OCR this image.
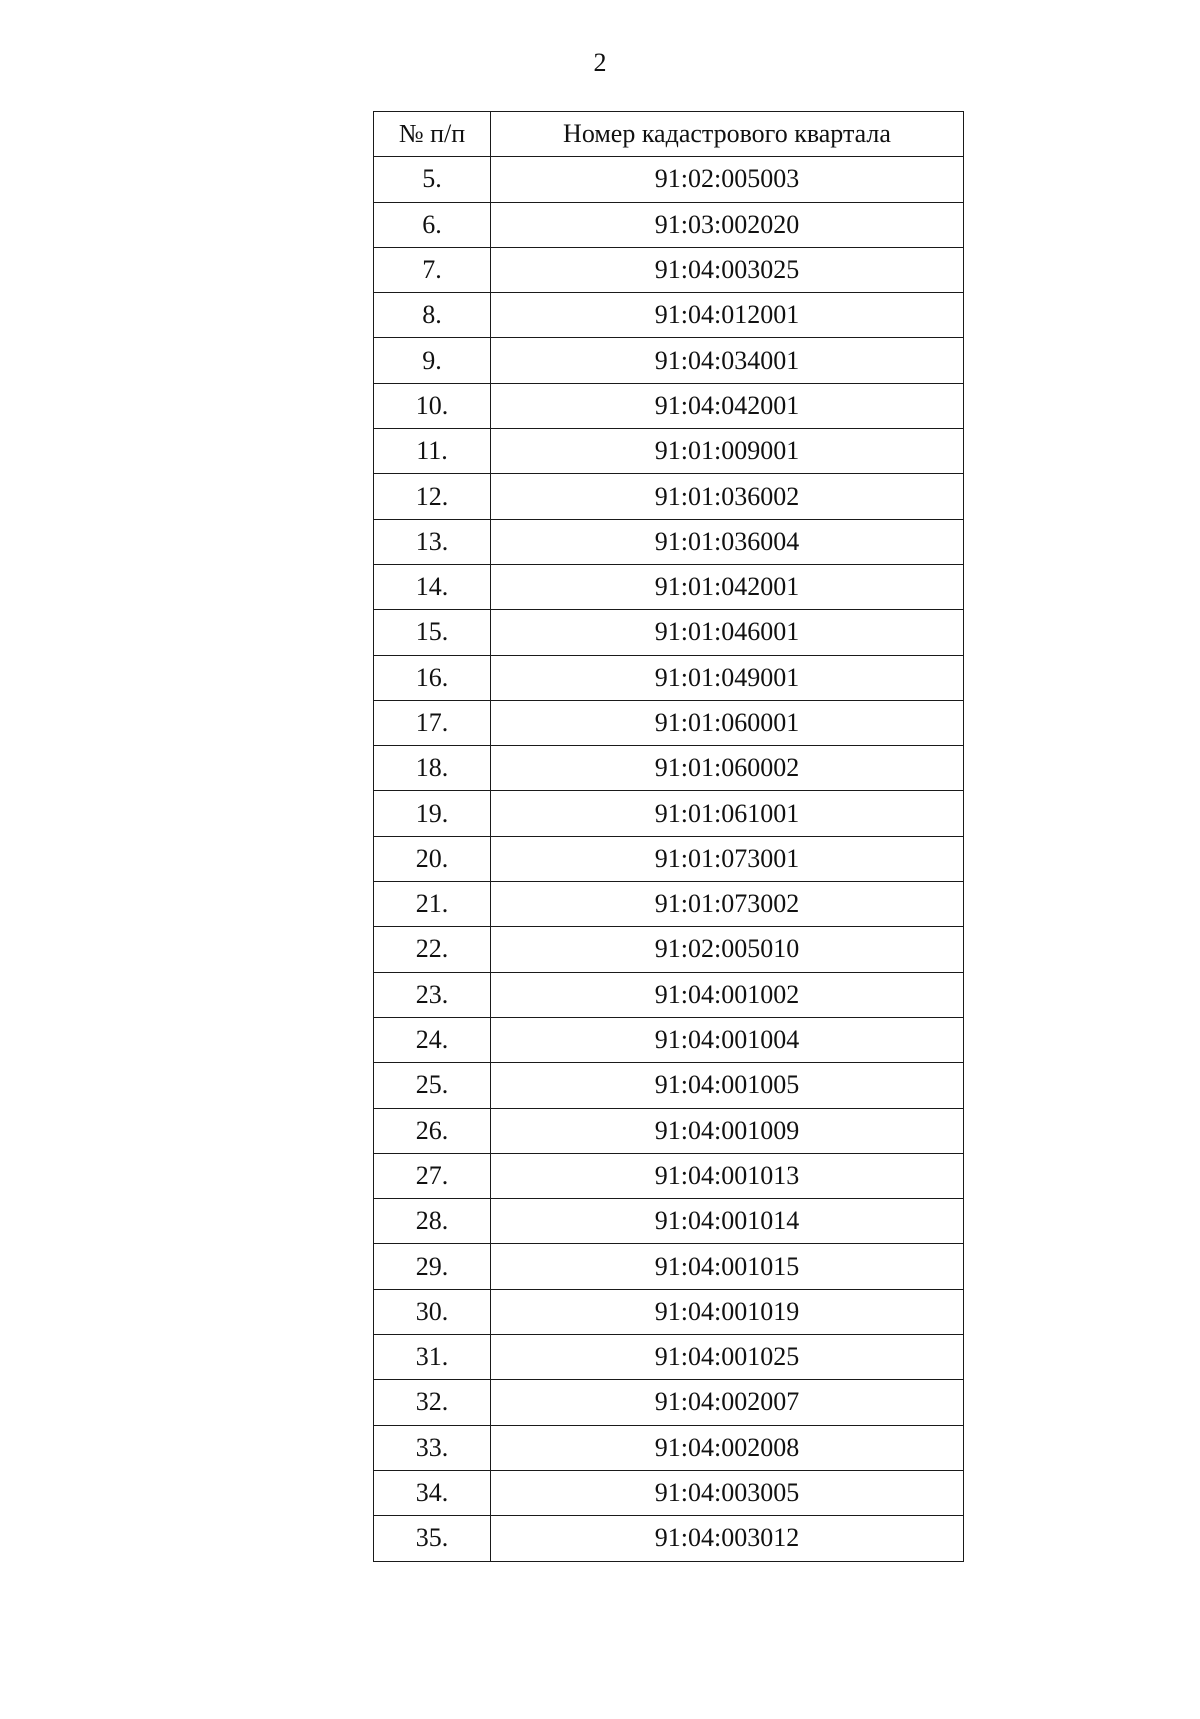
2
№ п/п	Номер кадастрового квартала
5.	91:02:005003
6.	91:03:002020
7.	91:04:003025
8.	91:04:012001
9.	91:04:034001
10.	91:04:042001
11.	91:01:009001
12.	91:01:036002
13.	91:01:036004
14.	91:01:042001
15.	91:01:046001
16.	91:01:049001
17.	91:01:060001
18.	91:01:060002
19.	91:01:061001
20.	91:01:073001
21.	91:01:073002
22.	91:02:005010
23.	91:04:001002
24.	91:04:001004
25.	91:04:001005
26.	91:04:001009
27.	91:04:001013
28.	91:04:001014
29.	91:04:001015
30.	91:04:001019
31.	91:04:001025
32.	91:04:002007
33.	91:04:002008
34.	91:04:003005
35.	91:04:003012
